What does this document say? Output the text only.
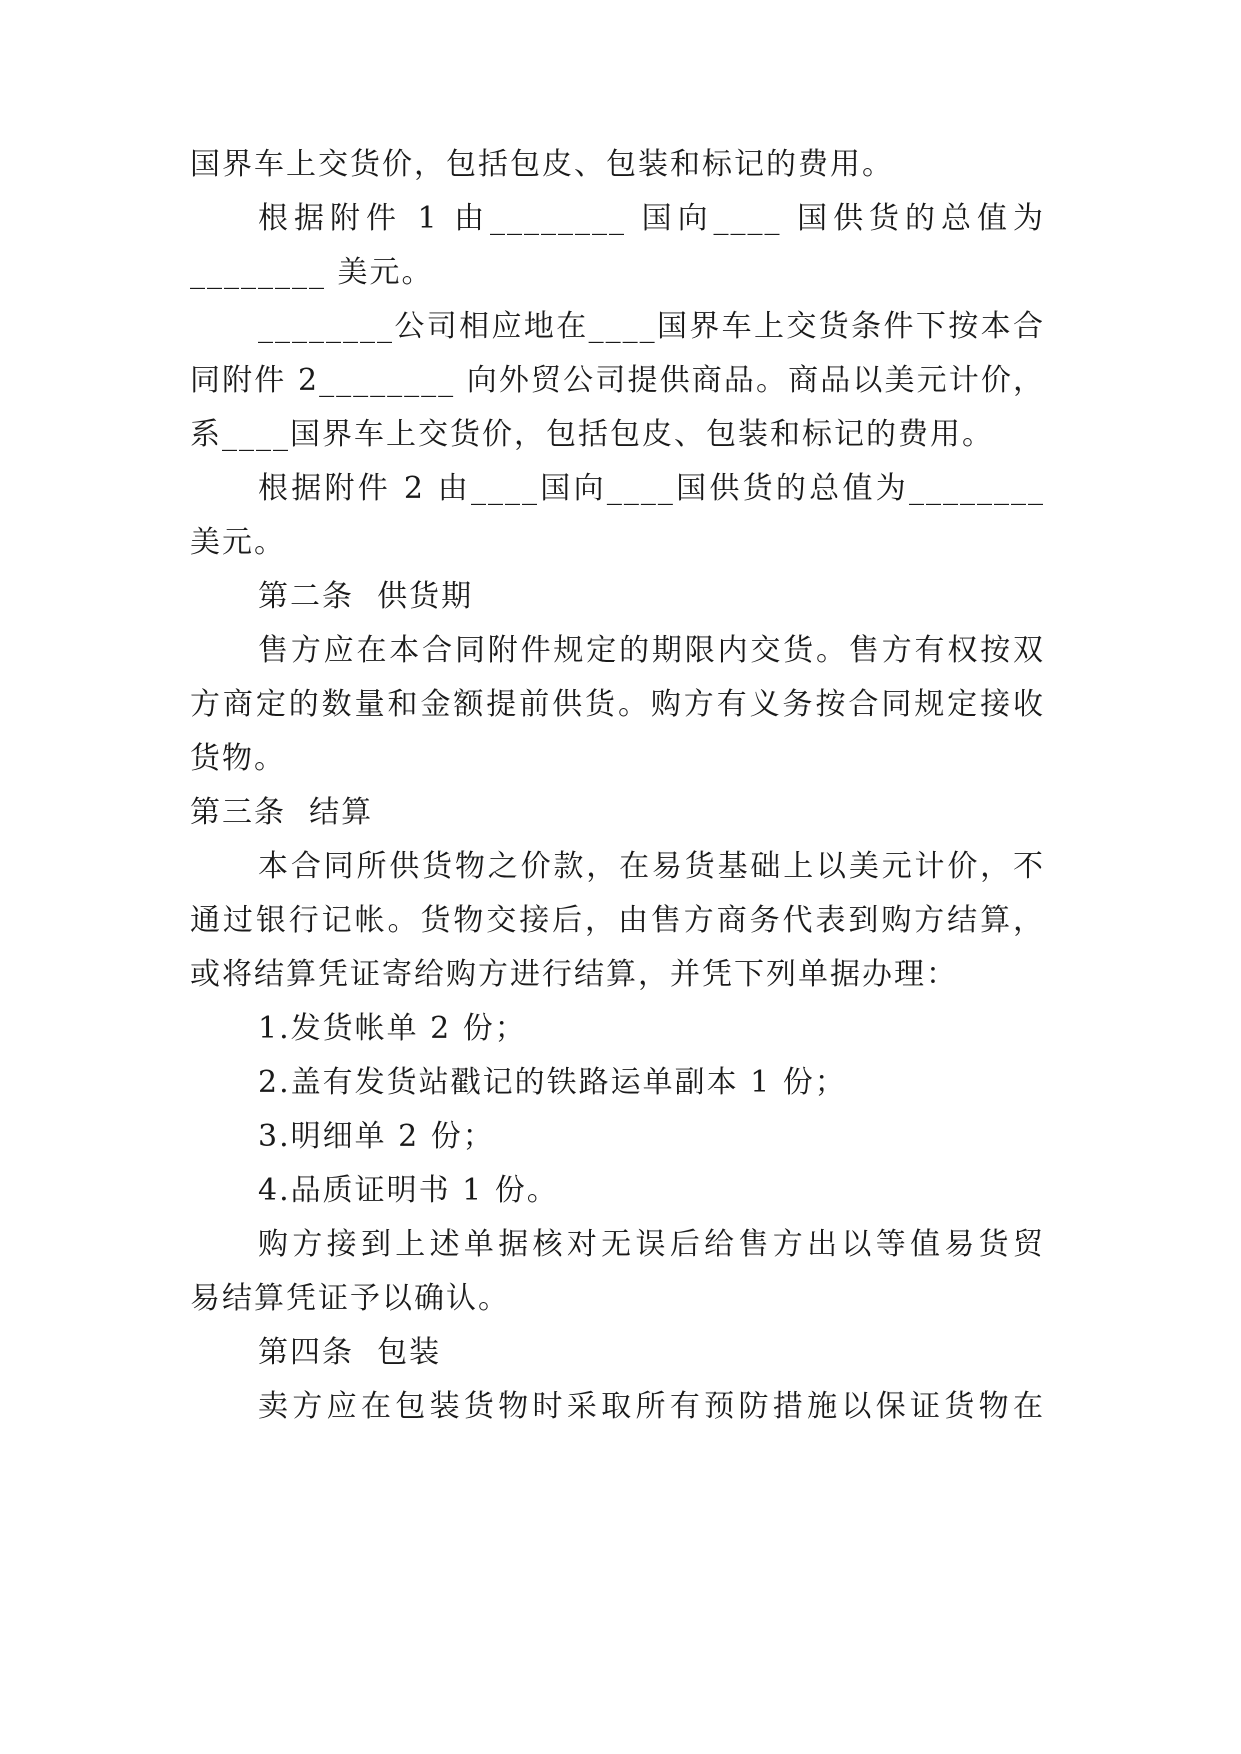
国界车上交货价，包括包皮、包装和标记的费用。
根据附件 1 由________ 国向____ 国供货的总值为
________ 美元。
________公司相应地在____国界车上交货条件下按本合
同附件 2________ 向外贸公司提供商品。商品以美元计价，
系____国界车上交货价，包括包皮、包装和标记的费用。
根据附件 2 由____国向____国供货的总值为________
美元。
第二条  供货期
售方应在本合同附件规定的期限内交货。售方有权按双
方商定的数量和金额提前供货。购方有义务按合同规定接收
货物。
第三条  结算
本合同所供货物之价款，在易货基础上以美元计价，不
通过银行记帐。货物交接后，由售方商务代表到购方结算，
或将结算凭证寄给购方进行结算，并凭下列单据办理：
1.发货帐单 2 份；
2.盖有发货站戳记的铁路运单副本 1 份；
3.明细单 2 份；
4.品质证明书 1 份。
购方接到上述单据核对无误后给售方出以等值易货贸
易结算凭证予以确认。
第四条  包装
卖方应在包装货物时采取所有预防措施以保证货物在
